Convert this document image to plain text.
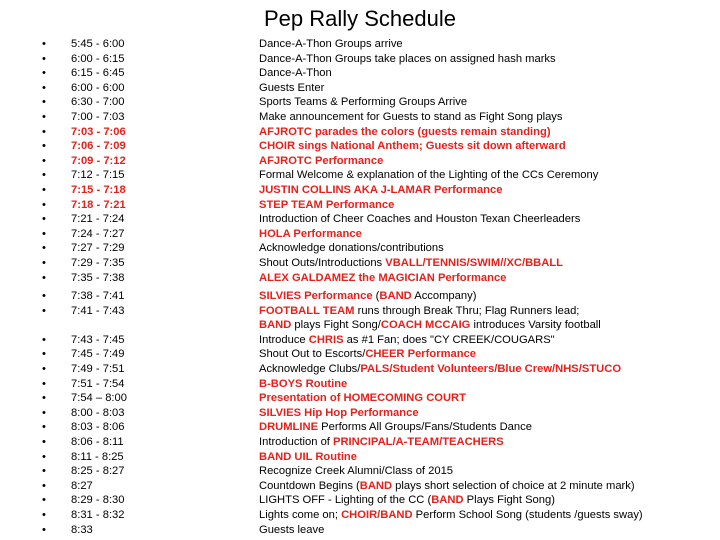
Pep Rally Schedule
• 5:45 - 6:00	Dance-A-Thon Groups arrive
• 6:00 - 6:15	Dance-A-Thon Groups take places on assigned hash marks
• 6:15 - 6:45	Dance-A-Thon
• 6:00 - 6:00	Guests Enter
• 6:30 - 7:00	Sports Teams & Performing Groups Arrive
• 7:00 - 7:03	Make announcement for Guests to stand as Fight Song plays
• 7:03 - 7:06	AFJROTC parades the colors (guests remain standing)
• 7:06 - 7:09	CHOIR sings National Anthem; Guests sit down afterward
• 7:09 - 7:12	AFJROTC Performance
• 7:12 - 7:15	Formal Welcome & explanation of the Lighting of the CCs Ceremony
• 7:15 - 7:18	JUSTIN COLLINS AKA J-LAMAR Performance
• 7:18 - 7:21	STEP TEAM Performance
• 7:21 - 7:24	Introduction of Cheer Coaches and Houston Texan Cheerleaders
• 7:24 - 7:27	HOLA Performance
• 7:27 - 7:29	Acknowledge donations/contributions
• 7:29 - 7:35	Shout Outs/Introductions VBALL/TENNIS/SWIM//XC/BBALL
• 7:35 - 7:38	ALEX GALDAMEZ the MAGICIAN Performance
• 7:38 - 7:41	SILVIES Performance (BAND Accompany)
• 7:41 - 7:43	FOOTBALL TEAM runs through Break Thru; Flag Runners lead;
BAND plays Fight Song/COACH MCCAIG introduces Varsity football
• 7:43 - 7:45	Introduce CHRIS as #1 Fan; does "CY CREEK/COUGARS"
• 7:45 - 7:49	Shout Out to Escorts/CHEER Performance
• 7:49 - 7:51	Acknowledge Clubs/PALS/Student Volunteers/Blue Crew/NHS/STUCO
• 7:51 - 7:54	B-BOYS Routine
• 7:54 – 8:00	Presentation of HOMECOMING COURT
• 8:00 - 8:03	SILVIES Hip Hop Performance
• 8:03 - 8:06	DRUMLINE Performs All Groups/Fans/Students Dance
• 8:06 - 8:11	Introduction of PRINCIPAL/A-TEAM/TEACHERS
• 8:11 - 8:25	BAND UIL Routine
• 8:25 - 8:27	Recognize Creek Alumni/Class of 2015
• 8:27	Countdown Begins (BAND plays short selection of choice at 2 minute mark)
• 8:29 - 8:30	LIGHTS OFF - Lighting of the CC (BAND Plays Fight Song)
• 8:31 - 8:32	Lights come on; CHOIR/BAND Perform School Song (students /guests sway)
• 8:33	Guests leave
